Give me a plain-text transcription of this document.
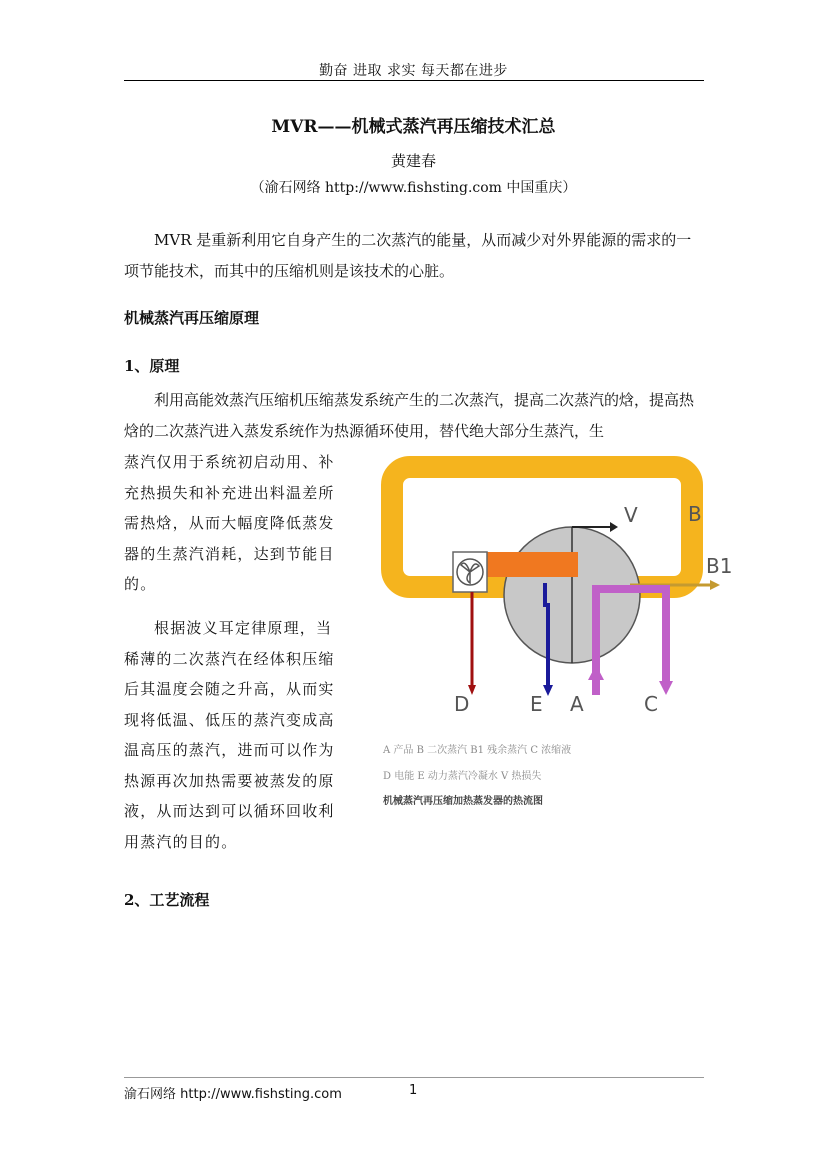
勤奋 进取 求实 每天都在进步
MVR——机械式蒸汽再压缩技术汇总
黄建春
（渝石网络 http://www.fishsting.com 中国重庆）
MVR 是重新利用它自身产生的二次蒸汽的能量，从而减少对外界能源的需求的一项节能技术，而其中的压缩机则是该技术的心脏。
机械蒸汽再压缩原理
1、原理
利用高能效蒸汽压缩机压缩蒸发系统产生的二次蒸汽，提高二次蒸汽的焓，提高热焓的二次蒸汽进入蒸发系统作为热源循环使用，替代绝大部分生蒸汽，生
蒸汽仅用于系统初启动用、补充热损失和补充进出料温差所需热焓，从而大幅度降低蒸发器的生蒸汽消耗，达到节能目的。
根据波义耳定律原理，当稀薄的二次蒸汽在经体积压缩后其温度会随之升高，从而实现将低温、低压的蒸汽变成高温高压的蒸汽，进而可以作为热源再次加热需要被蒸发的原液，从而达到可以循环回收利用蒸汽的目的。
V	B
B1
D	E A	C
A 产品 B 二次蒸汽 B1 残余蒸汽 C 浓缩液
D 电能 E 动力蒸汽冷凝水 V 热损失
机械蒸汽再压缩加热蒸发器的热流图
2、工艺流程
渝石网络 http://www.fishsting.com	1
